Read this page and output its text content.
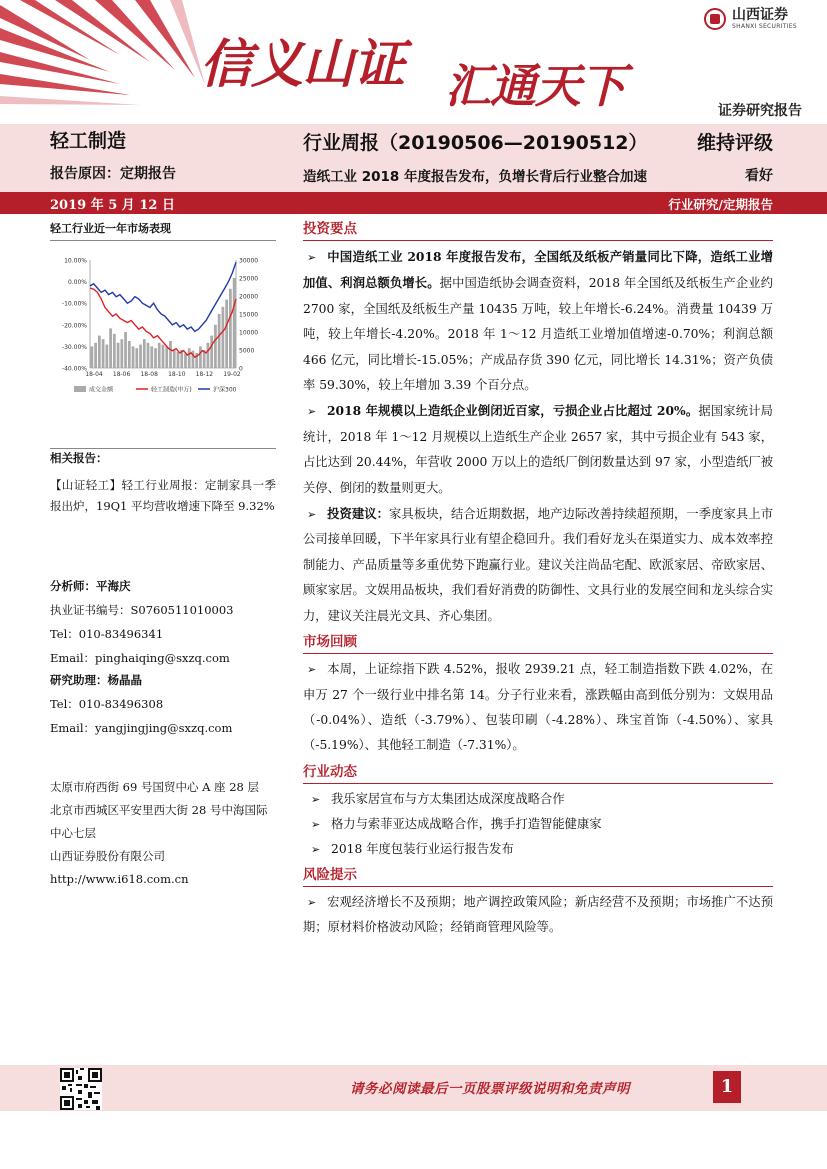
信义山证 汇通天下
山西证券
SHANXI SECURITIES
证券研究报告
轻工制造	行业周报（20190506—20190512）	维持评级
报告原因：定期报告	造纸工业 2018 年度报告发布，负增长背后行业整合加速	看好
2019 年 5 月 12 日	行业研究/定期报告
轻工行业近一年市场表现
10.00%
0.00%
-10.00%
-20.00%
-30.00%
-40.00%
30000
25000
20000
15000
10000
5000
0
18-04 18-06 18-08 18-10 18-12 19-02
成交金额	轻工制造(申万)	沪深300
相关报告：
【山证轻工】轻工行业周报：定制家具一季报出炉，19Q1 平均营收增速下降至 9.32%
分析师：平海庆
执业证书编号：S0760511010003
Tel：010-83496341
Email：pinghaiqing@sxzq.com
研究助理：杨晶晶
Tel：010-83496308
Email：yangjingjing@sxzq.com
太原市府西街 69 号国贸中心 A 座 28 层
北京市西城区平安里西大街 28 号中海国际中心七层
山西证券股份有限公司
http://www.i618.com.cn
投资要点
➢ 中国造纸工业 2018 年度报告发布，全国纸及纸板产销量同比下降，造纸工业增加值、利润总额负增长。据中国造纸协会调查资料，2018 年全国纸及纸板生产企业约 2700 家，全国纸及纸板生产量 10435 万吨，较上年增长-6.24%。消费量 10439 万吨，较上年增长-4.20%。2018 年 1～12 月造纸工业增加值增速-0.70%；利润总额 466 亿元，同比增长-15.05%；产成品存货 390 亿元，同比增长 14.31%；资产负债率 59.30%，较上年增加 3.39 个百分点。
➢ 2018 年规模以上造纸企业倒闭近百家，亏损企业占比超过 20%。据国家统计局统计，2018 年 1～12 月规模以上造纸生产企业 2657 家，其中亏损企业有 543 家，占比达到 20.44%，年营收 2000 万以上的造纸厂倒闭数量达到 97 家，小型造纸厂被关停、倒闭的数量则更大。
➢ 投资建议：家具板块，结合近期数据，地产边际改善持续超预期，一季度家具上市公司接单回暖，下半年家具行业有望企稳回升。我们看好龙头在渠道实力、成本效率控制能力、产品质量等多重优势下跑赢行业。建议关注尚品宅配、欧派家居、帝欧家居、顾家家居。文娱用品板块，我们看好消费的防御性、文具行业的发展空间和龙头综合实力，建议关注晨光文具、齐心集团。
市场回顾
➢ 本周，上证综指下跌 4.52%，报收 2939.21 点，轻工制造指数下跌 4.02%，在申万 27 个一级行业中排名第 14。分子行业来看，涨跌幅由高到低分别为：文娱用品（-0.04%）、造纸（-3.79%）、包装印刷（-4.28%）、珠宝首饰（-4.50%）、家具（-5.19%）、其他轻工制造（-7.31%）。
行业动态
➢ 我乐家居宣布与方太集团达成深度战略合作
➢ 格力与索菲亚达成战略合作，携手打造智能健康家
➢ 2018 年度包装行业运行报告发布
风险提示
➢ 宏观经济增长不及预期；地产调控政策风险；新店经营不及预期；市场推广不达预期；原材料价格波动风险；经销商管理风险等。
请务必阅读最后一页股票评级说明和免责声明	1
